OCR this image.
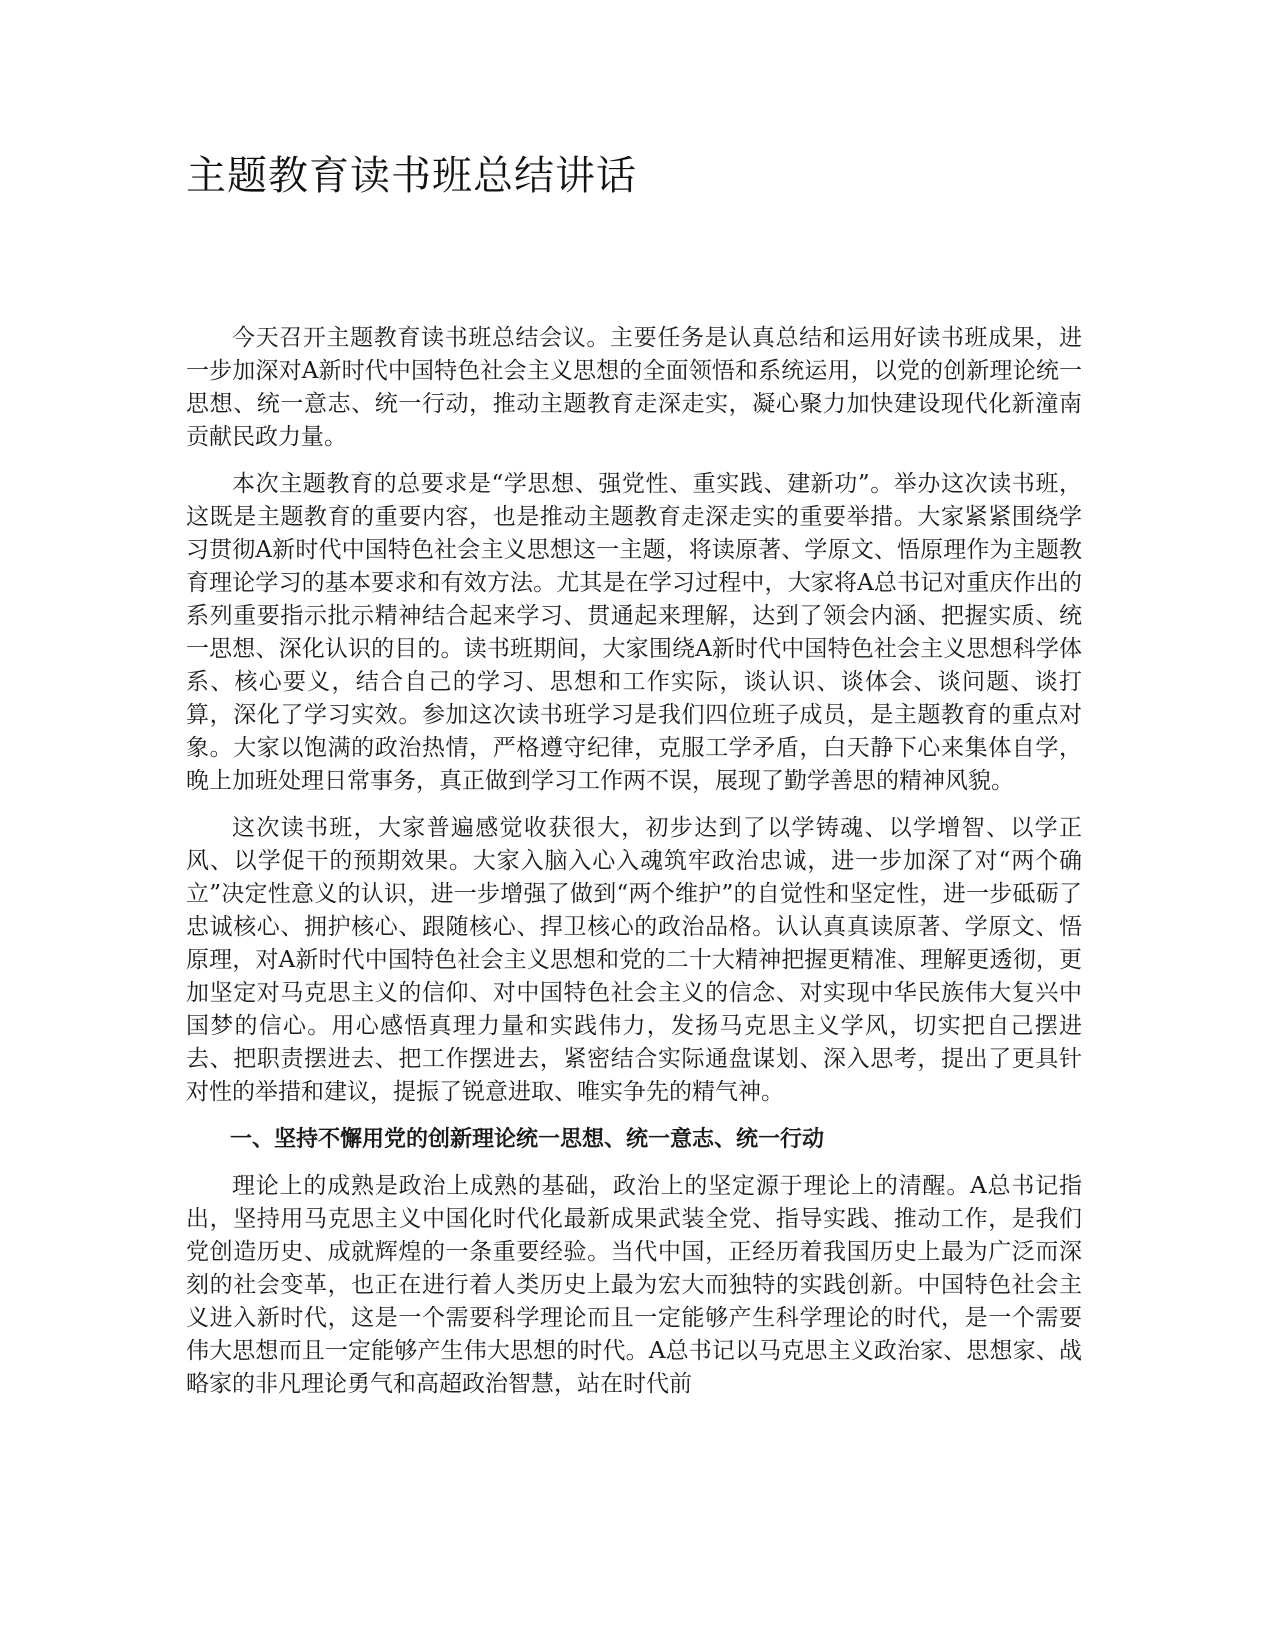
主题教育读书班总结讲话

今天召开主题教育读书班总结会议。主要任务是认真总结和运用好读书班成果，进一步加深对A新时代中国特色社会主义思想的全面领悟和系统运用，以党的创新理论统一思想、统一意志、统一行动，推动主题教育走深走实，凝心聚力加快建设现代化新潼南贡献民政力量。

本次主题教育的总要求是“学思想、强党性、重实践、建新功”。举办这次读书班，这既是主题教育的重要内容，也是推动主题教育走深走实的重要举措。大家紧紧围绕学习贯彻A新时代中国特色社会主义思想这一主题，将读原著、学原文、悟原理作为主题教育理论学习的基本要求和有效方法。尤其是在学习过程中，大家将A总书记对重庆作出的系列重要指示批示精神结合起来学习、贯通起来理解，达到了领会内涵、把握实质、统一思想、深化认识的目的。读书班期间，大家围绕A新时代中国特色社会主义思想科学体系、核心要义，结合自己的学习、思想和工作实际，谈认识、谈体会、谈问题、谈打算，深化了学习实效。参加这次读书班学习是我们四位班子成员，是主题教育的重点对象。大家以饱满的政治热情，严格遵守纪律，克服工学矛盾，白天静下心来集体自学，晚上加班处理日常事务，真正做到学习工作两不误，展现了勤学善思的精神风貌。

这次读书班，大家普遍感觉收获很大，初步达到了以学铸魂、以学增智、以学正风、以学促干的预期效果。大家入脑入心入魂筑牢政治忠诚，进一步加深了对“两个确立”决定性意义的认识，进一步增强了做到“两个维护”的自觉性和坚定性，进一步砥砺了忠诚核心、拥护核心、跟随核心、捍卫核心的政治品格。认认真真读原著、学原文、悟原理，对A新时代中国特色社会主义思想和党的二十大精神把握更精准、理解更透彻，更加坚定对马克思主义的信仰、对中国特色社会主义的信念、对实现中华民族伟大复兴中国梦的信心。用心感悟真理力量和实践伟力，发扬马克思主义学风，切实把自己摆进去、把职责摆进去、把工作摆进去，紧密结合实际通盘谋划、深入思考，提出了更具针对性的举措和建议，提振了锐意进取、唯实争先的精气神。

一、坚持不懈用党的创新理论统一思想、统一意志、统一行动

理论上的成熟是政治上成熟的基础，政治上的坚定源于理论上的清醒。A总书记指出，坚持用马克思主义中国化时代化最新成果武装全党、指导实践、推动工作，是我们党创造历史、成就辉煌的一条重要经验。当代中国，正经历着我国历史上最为广泛而深刻的社会变革，也正在进行着人类历史上最为宏大而独特的实践创新。中国特色社会主义进入新时代，这是一个需要科学理论而且一定能够产生科学理论的时代，是一个需要伟大思想而且一定能够产生伟大思想的时代。A总书记以马克思主义政治家、思想家、战略家的非凡理论勇气和高超政治智慧，站在时代前
